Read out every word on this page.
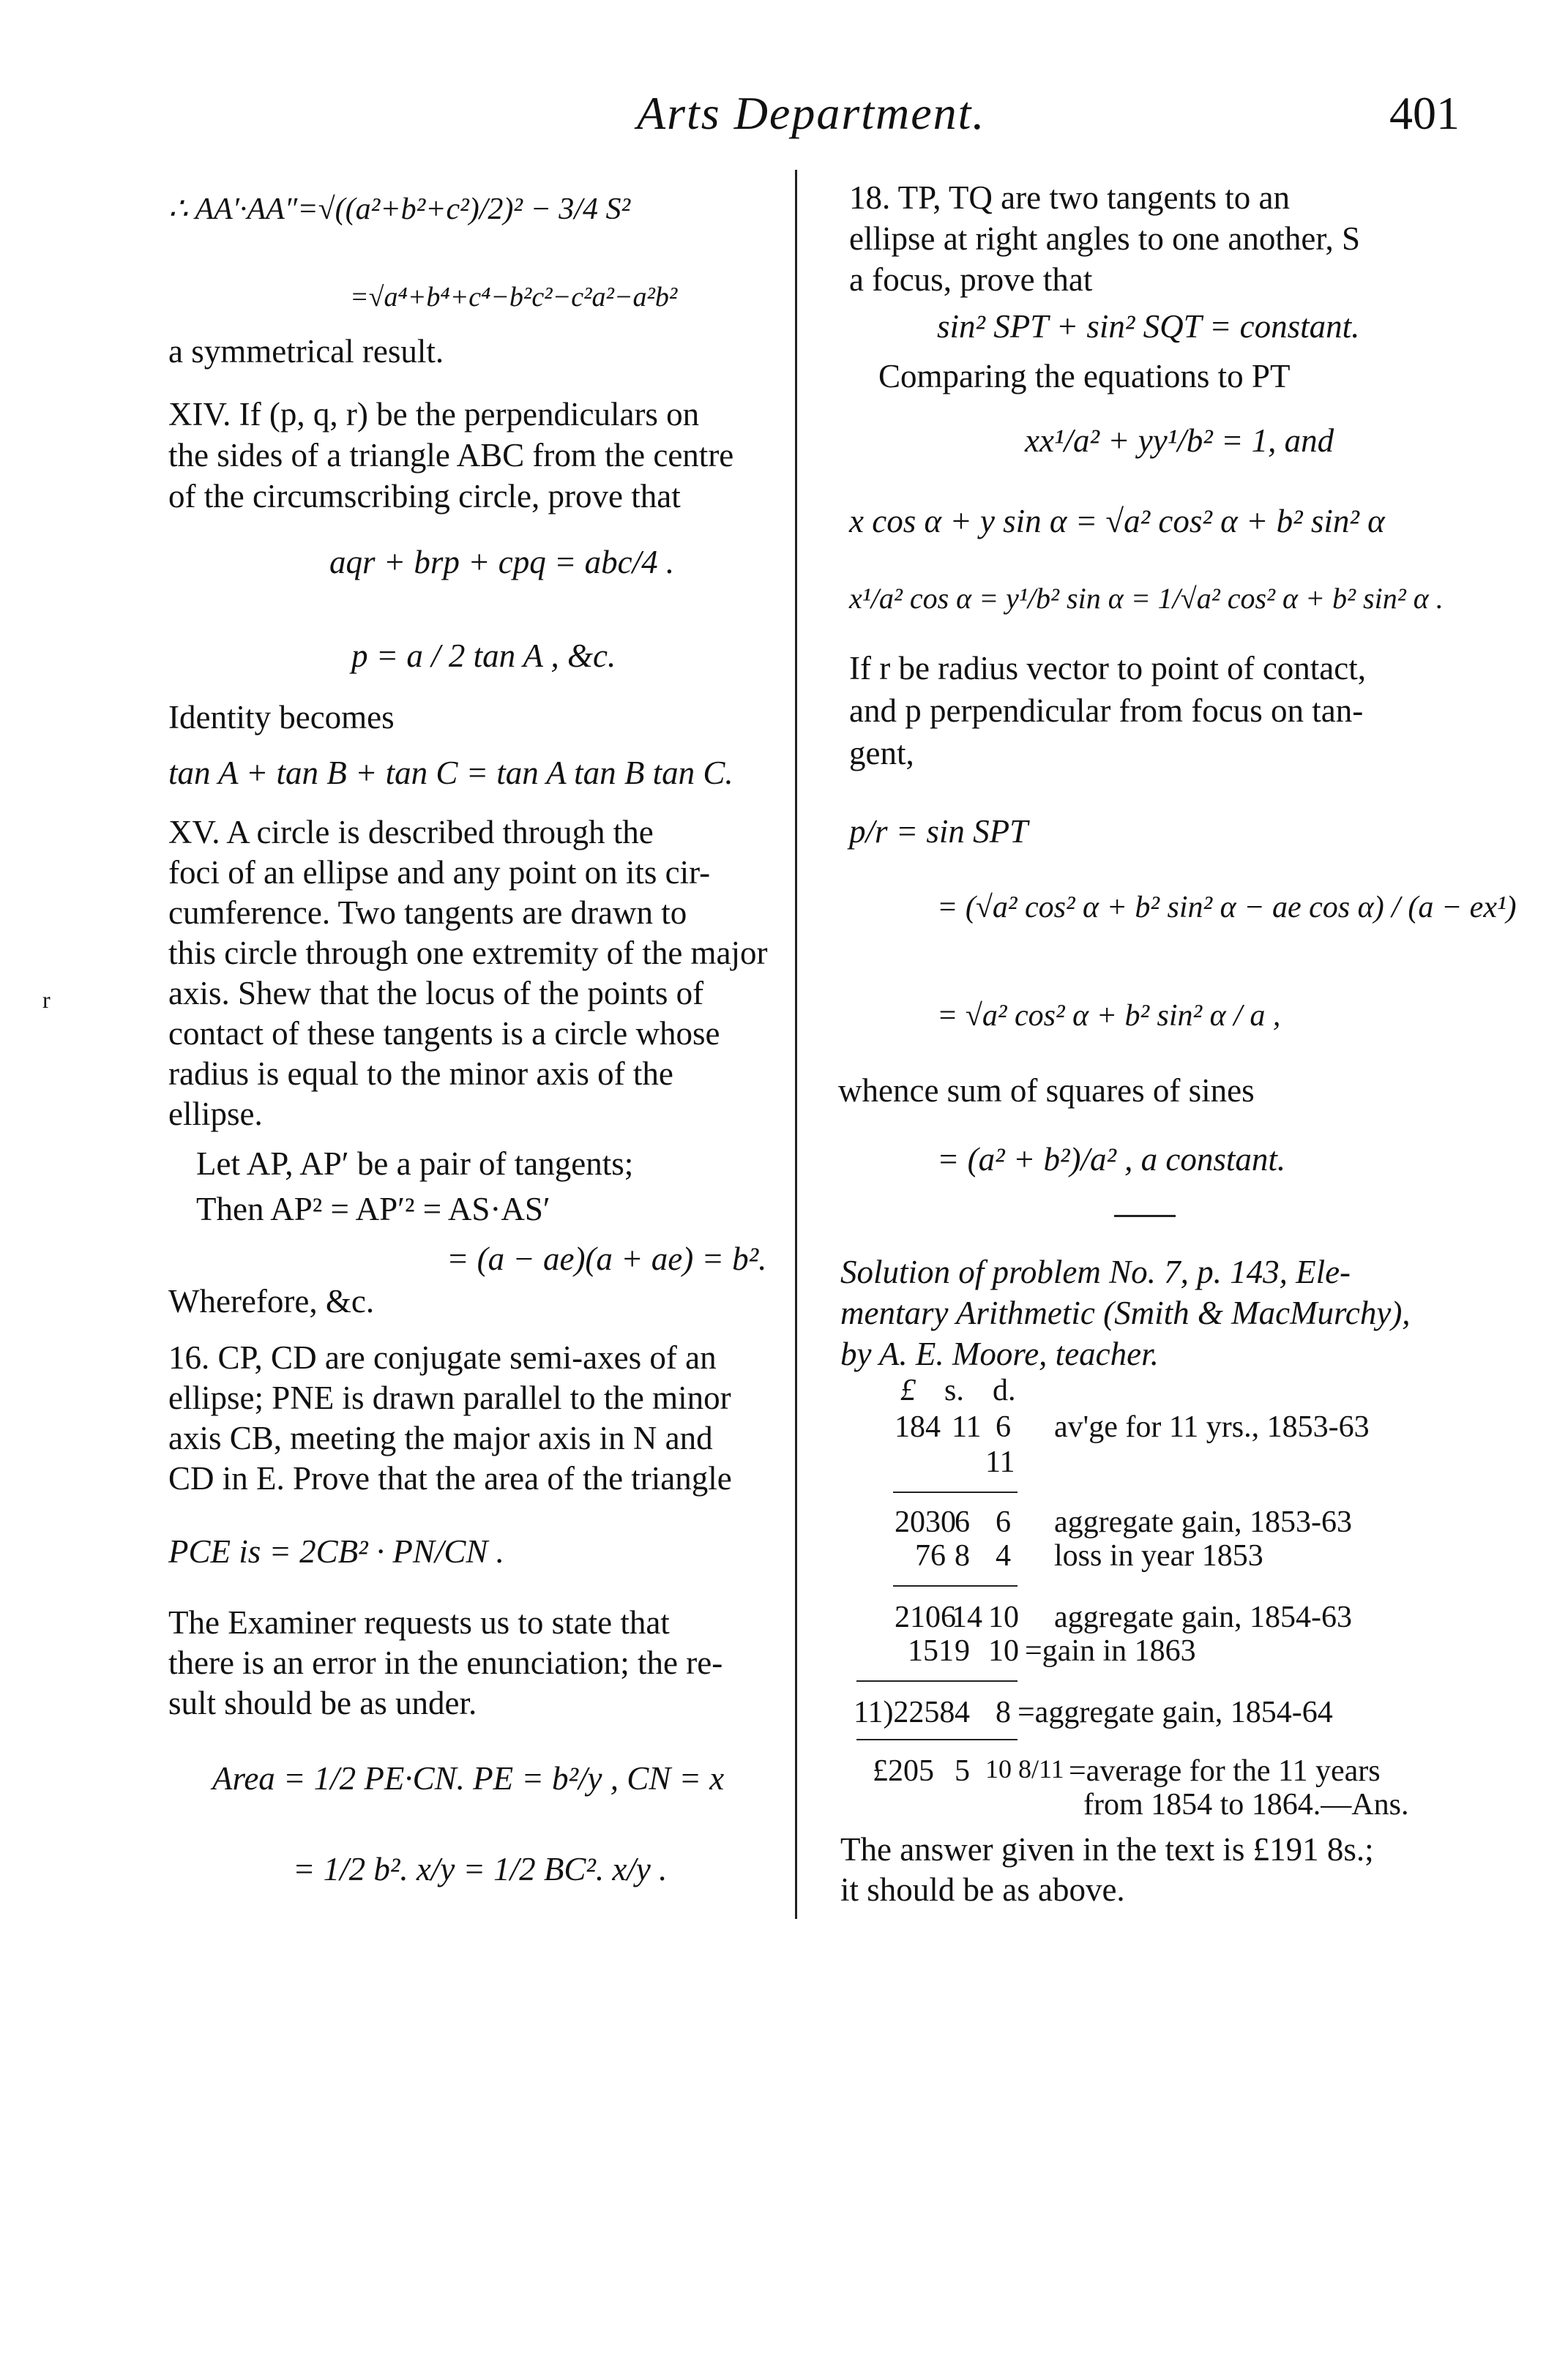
Arts Department.	401
∴ AA′·AA″=√((a²+b²+c²)/2)² − 3/4 S²
=√a⁴+b⁴+c⁴−b²c²−c²a²−a²b²
a symmetrical result.
XIV. If (p, q, r) be the perpendiculars on
the sides of a triangle ABC from the centre
of the circumscribing circle, prove that
aqr + brp + cpq = abc/4 .
p = a / 2 tan A , &c.
Identity becomes
tan A + tan B + tan C = tan A tan B tan C.
XV. A circle is described through the
foci of an ellipse and any point on its cir-
cumference. Two tangents are drawn to
this circle through one extremity of the major
axis. Shew that the locus of the points of
contact of these tangents is a circle whose
radius is equal to the minor axis of the
ellipse.
r
Let AP, AP′ be a pair of tangents;
Then AP² = AP′² = AS·AS′
= (a − ae)(a + ae) = b².
Wherefore, &c.
16. CP, CD are conjugate semi-axes of an
ellipse; PNE is drawn parallel to the minor
axis CB, meeting the major axis in N and
CD in E. Prove that the area of the triangle
PCE is = 2CB² · PN/CN .
The Examiner requests us to state that
there is an error in the enunciation; the re-
sult should be as under.
Area = 1/2 PE·CN. PE = b²/y , CN = x
= 1/2 b². x/y = 1/2 BC². x/y .
18. TP, TQ are two tangents to an
ellipse at right angles to one another, S
a focus, prove that
sin² SPT + sin² SQT = constant.
Comparing the equations to PT
xx¹/a² + yy¹/b² = 1, and
x cos α + y sin α = √a² cos² α + b² sin² α
x¹/a² cos α = y¹/b² sin α = 1/√a² cos² α + b² sin² α .
If r be radius vector to point of contact,
and p perpendicular from focus on tan-
gent,
p/r = sin SPT
= (√a² cos² α + b² sin² α − ae cos α) / (a − ex¹)
= √a² cos² α + b² sin² α / a ,
whence sum of squares of sines
= (a² + b²)/a² , a constant.
Solution of problem No. 7, p. 143, Ele-
mentary Arithmetic (Smith & MacMurchy),
by A. E. Moore, teacher.
£ s. d.
184 11 6 av'ge for 11 yrs., 1853-63
11
2030
6 6 aggregate gain, 1853-63
76 8 4 loss in year 1853
2106
14 10 aggregate gain, 1854-63
151 9 10 =gain in 1863
11)2258 4 8 =aggregate gain, 1854-64
£205 5 10 8/11 =average for the 11 years
from 1854 to 1864.—Ans.
The answer given in the text is £191 8s.;
it should be as above.
